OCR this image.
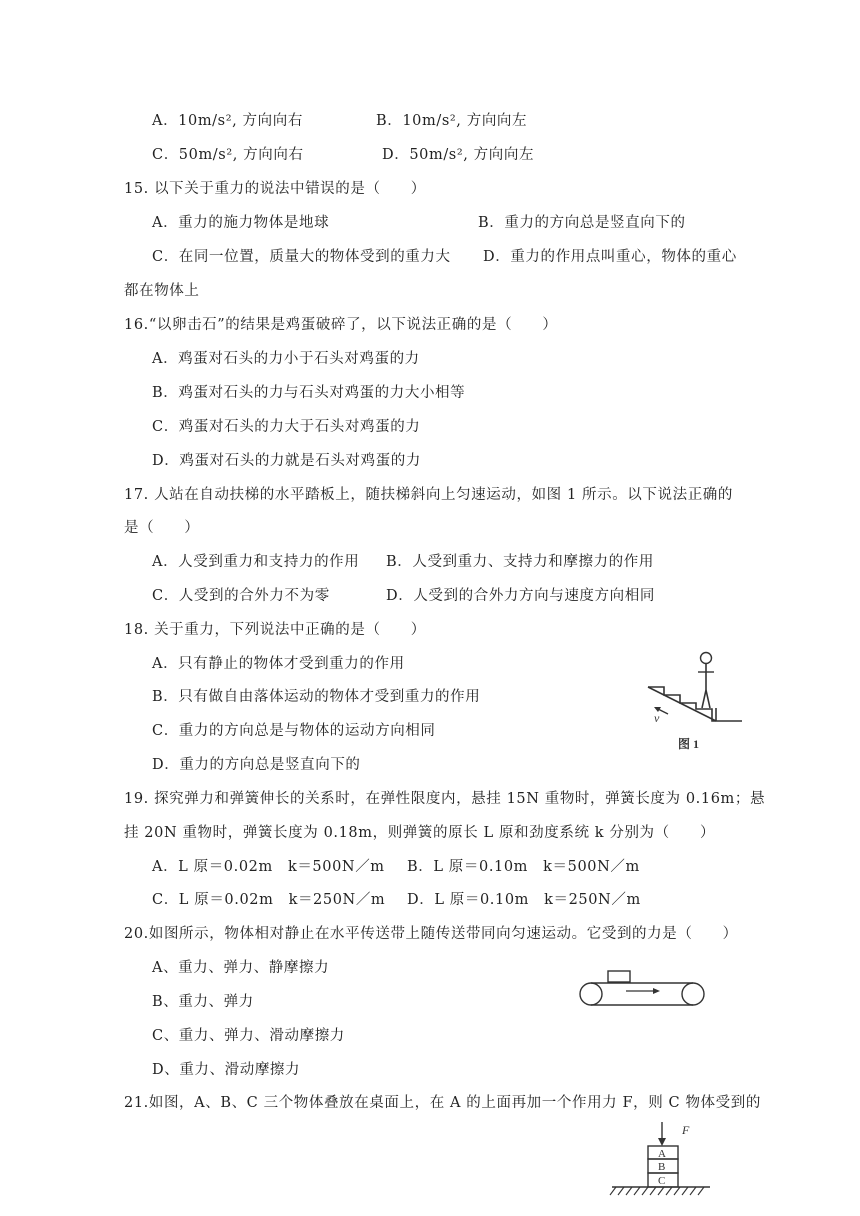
A．10m/s², 方向向右	B．10m/s², 方向向左
C．50m/s², 方向向右	D．50m/s², 方向向左
15. 以下关于重力的说法中错误的是（　　）
A．重力的施力物体是地球	B．重力的方向总是竖直向下的
C．在同一位置，质量大的物体受到的重力大 D．重力的作用点叫重心，物体的重心
都在物体上
16.“以卵击石”的结果是鸡蛋破碎了，以下说法正确的是（　　）
A．鸡蛋对石头的力小于石头对鸡蛋的力
B．鸡蛋对石头的力与石头对鸡蛋的力大小相等
C．鸡蛋对石头的力大于石头对鸡蛋的力
D．鸡蛋对石头的力就是石头对鸡蛋的力
17. 人站在自动扶梯的水平踏板上，随扶梯斜向上匀速运动，如图 1 所示。以下说法正确的
是（　　）
A．人受到重力和支持力的作用 B．人受到重力、支持力和摩擦力的作用
C．人受到的合外力不为零	D．人受到的合外力方向与速度方向相同
18. 关于重力，下列说法中正确的是（　　）
A．只有静止的物体才受到重力的作用
B．只有做自由落体运动的物体才受到重力的作用
C．重力的方向总是与物体的运动方向相同
D．重力的方向总是竖直向下的
v
图 1
19. 探究弹力和弹簧伸长的关系时，在弹性限度内，悬挂 15N 重物时，弹簧长度为 0.16m；悬
挂 20N 重物时，弹簧长度为 0.18m，则弹簧的原长 L 原和劲度系统 k 分别为（　　）
A．L 原＝0.02m　k＝500N／m B．L 原＝0.10m　k＝500N／m
C．L 原＝0.02m　k＝250N／m D．L 原＝0.10m　k＝250N／m
20.如图所示，物体相对静止在水平传送带上随传送带同向匀速运动。它受到的力是（　　）
A、重力、弹力、静摩擦力
B、重力、弹力
C、重力、弹力、滑动摩擦力
D、重力、滑动摩擦力
21.如图，A、B、C 三个物体叠放在桌面上，在 A 的上面再加一个作用力 F，则 C 物体受到的
F
A
B
C
